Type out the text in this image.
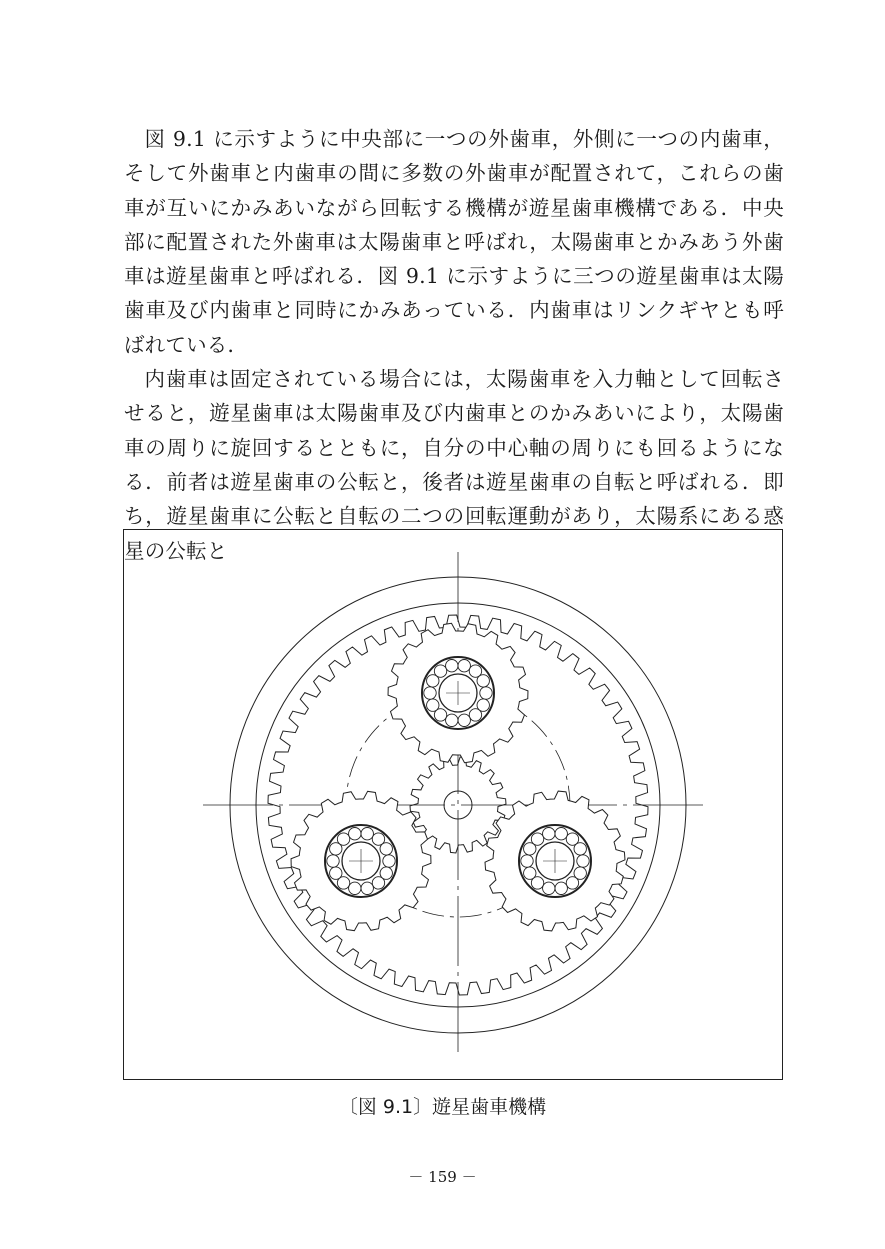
図 9.1 に示すように中央部に一つの外歯車，外側に一つの内歯車，そして外歯車と内歯車の間に多数の外歯車が配置されて，これらの歯車が互いにかみあいながら回転する機構が遊星歯車機構である．中央部に配置された外歯車は太陽歯車と呼ばれ，太陽歯車とかみあう外歯車は遊星歯車と呼ばれる．図 9.1 に示すように三つの遊星歯車は太陽歯車及び内歯車と同時にかみあっている．内歯車はリンクギヤとも呼ばれている．

内歯車は固定されている場合には，太陽歯車を入力軸として回転させると，遊星歯車は太陽歯車及び内歯車とのかみあいにより，太陽歯車の周りに旋回するとともに，自分の中心軸の周りにも回るようになる．前者は遊星歯車の公転と，後者は遊星歯車の自転と呼ばれる．即ち，遊星歯車に公転と自転の二つの回転運動があり，太陽系にある惑星の公転と

〔図 9.1〕遊星歯車機構
－ 159 －
